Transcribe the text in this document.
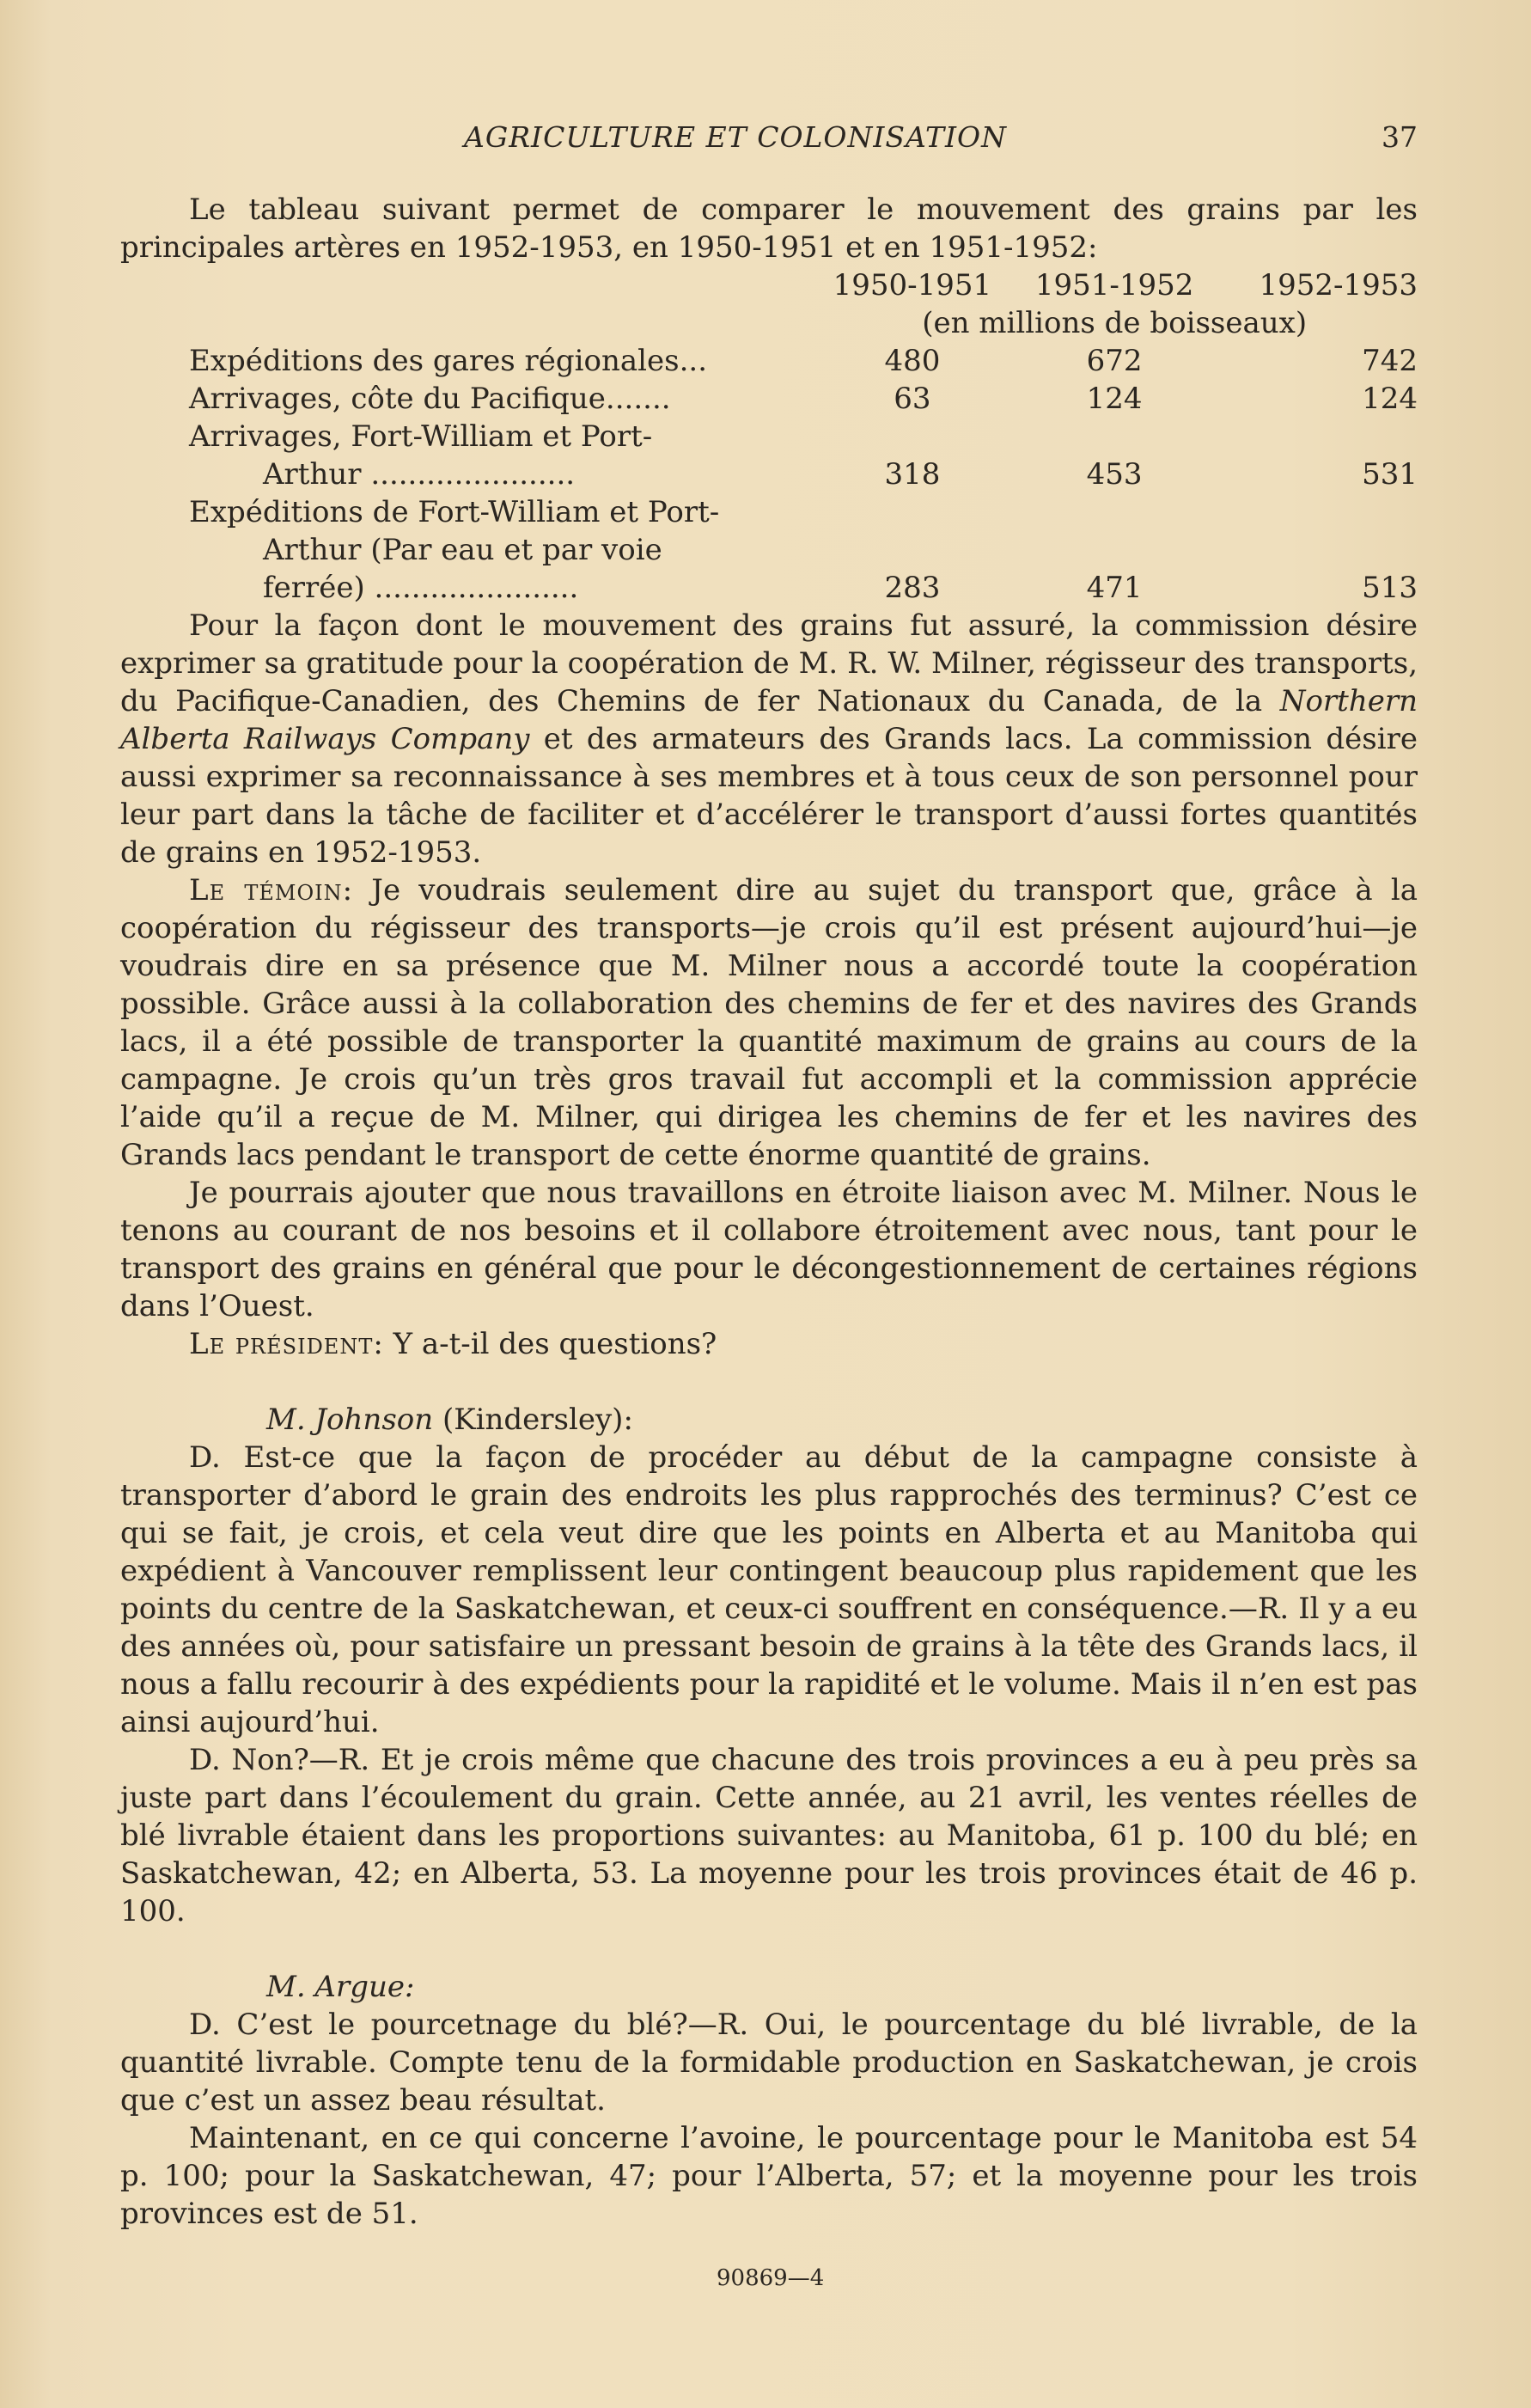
AGRICULTURE ET COLONISATION	37

Le tableau suivant permet de comparer le mouvement des grains par les principales artères en 1952-1953, en 1950-1951 et en 1951-1952:

	1950-1951	1951-1952	1952-1953
	(en millions de boisseaux)		
Expéditions des gares régionales...	480	672	742
Arrivages, côte du Pacifique.......	63	124	124
Arrivages, Fort-William et Port-			
Arthur ......................	318	453	531
Expéditions de Fort-William et Port-			
Arthur (Par eau et par voie			
ferrée) ......................	283	471	513

Pour la façon dont le mouvement des grains fut assuré, la commission désire exprimer sa gratitude pour la coopération de M. R. W. Milner, régisseur des transports, du Pacifique-Canadien, des Chemins de fer Nationaux du Canada, de la Northern Alberta Railways Company et des armateurs des Grands lacs. La commission désire aussi exprimer sa reconnaissance à ses membres et à tous ceux de son personnel pour leur part dans la tâche de faciliter et d’accélérer le transport d’aussi fortes quantités de grains en 1952-1953.

Le témoin: Je voudrais seulement dire au sujet du transport que, grâce à la coopération du régisseur des transports—je crois qu’il est présent aujourd’hui—je voudrais dire en sa présence que M. Milner nous a accordé toute la coopération possible. Grâce aussi à la collaboration des chemins de fer et des navires des Grands lacs, il a été possible de transporter la quantité maximum de grains au cours de la campagne. Je crois qu’un très gros travail fut accompli et la commission apprécie l’aide qu’il a reçue de M. Milner, qui dirigea les chemins de fer et les navires des Grands lacs pendant le transport de cette énorme quantité de grains.

Je pourrais ajouter que nous travaillons en étroite liaison avec M. Milner. Nous le tenons au courant de nos besoins et il collabore étroitement avec nous, tant pour le transport des grains en général que pour le décongestionnement de certaines régions dans l’Ouest.

Le président: Y a-t-il des questions?

M. Johnson (Kindersley):

D. Est-ce que la façon de procéder au début de la campagne consiste à transporter d’abord le grain des endroits les plus rapprochés des terminus? C’est ce qui se fait, je crois, et cela veut dire que les points en Alberta et au Manitoba qui expédient à Vancouver remplissent leur contingent beaucoup plus rapidement que les points du centre de la Saskatchewan, et ceux-ci souffrent en conséquence.—R. Il y a eu des années où, pour satisfaire un pressant besoin de grains à la tête des Grands lacs, il nous a fallu recourir à des expédients pour la rapidité et le volume. Mais il n’en est pas ainsi aujourd’hui.

D. Non?—R. Et je crois même que chacune des trois provinces a eu à peu près sa juste part dans l’écoulement du grain. Cette année, au 21 avril, les ventes réelles de blé livrable étaient dans les proportions suivantes: au Manitoba, 61 p. 100 du blé; en Saskatchewan, 42; en Alberta, 53. La moyenne pour les trois provinces était de 46 p. 100.

M. Argue:

D. C’est le pourcetnage du blé?—R. Oui, le pourcentage du blé livrable, de la quantité livrable. Compte tenu de la formidable production en Saskatchewan, je crois que c’est un assez beau résultat.

Maintenant, en ce qui concerne l’avoine, le pourcentage pour le Manitoba est 54 p. 100; pour la Saskatchewan, 47; pour l’Alberta, 57; et la moyenne pour les trois provinces est de 51.

90869—4
